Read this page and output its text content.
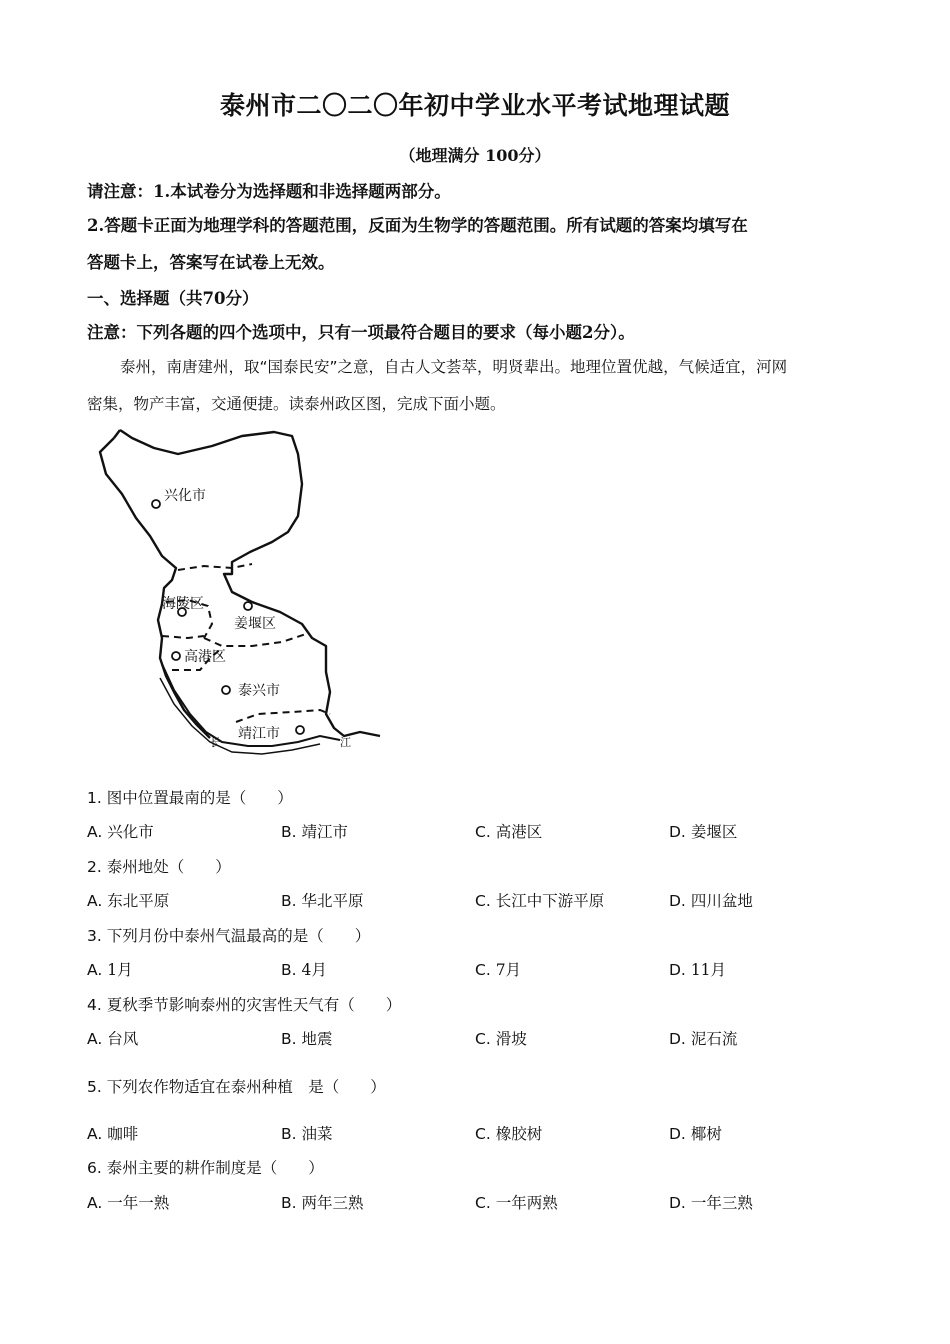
泰州市二〇二〇年初中学业水平考试地理试题
（地理满分 100分）
请注意：1.本试卷分为选择题和非选择题两部分。
2.答题卡正面为地理学科的答题范围，反面为生物学的答题范围。所有试题的答案均填写在
答题卡上，答案写在试卷上无效。
一、选择题（共70分）
注意：下列各题的四个选项中，只有一项最符合题目的要求（每小题2分）。
泰州，南唐建州，取“国泰民安”之意，自古人文荟萃，明贤辈出。地理位置优越，气候适宜，河网
密集，物产丰富，交通便捷。读泰州政区图，完成下面小题。
兴化市
海陵区
姜堰区
高港区
泰兴市
靖江市
长	江
1. 图中位置最南的是（　　）
A. 兴化市	B. 靖江市	C. 高港区	D. 姜堰区
2. 泰州地处（　　）
A. 东北平原	B. 华北平原	C. 长江中下游平原	D. 四川盆地
3. 下列月份中泰州气温最高的是（　　）
A. 1月	B. 4月	C. 7月	D. 11月
4. 夏秋季节影响泰州的灾害性天气有（　　）
A. 台风	B. 地震	C. 滑坡	D. 泥石流
5. 下列农作物适宜在泰州种植　是（　　）
A. 咖啡	B. 油菜	C. 橡胶树	D. 椰树
6. 泰州主要的耕作制度是（　　）
A. 一年一熟	B. 两年三熟	C. 一年两熟	D. 一年三熟
